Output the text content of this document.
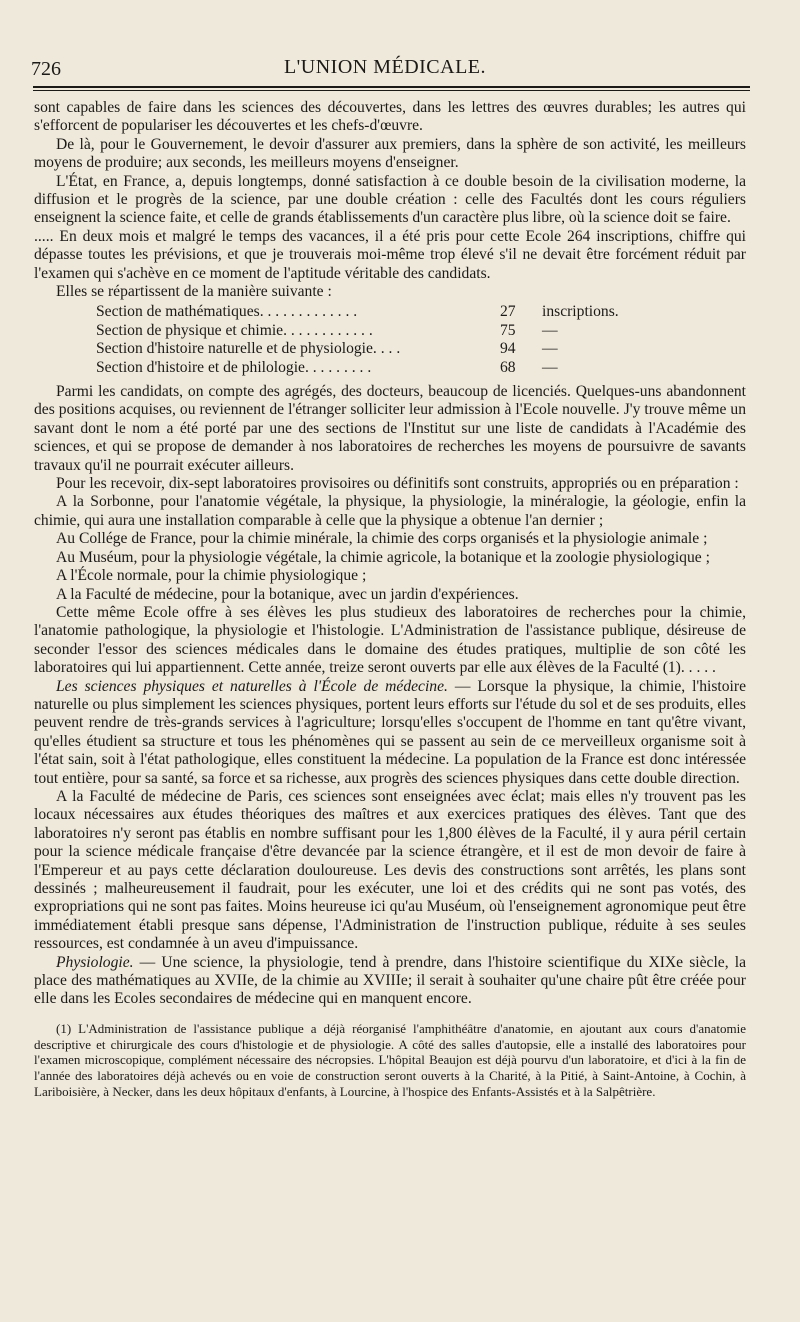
726	L'UNION MÉDICALE.

sont capables de faire dans les sciences des découvertes, dans les lettres des œuvres durables; les autres qui s'efforcent de populariser les découvertes et les chefs-d'œuvre.

De là, pour le Gouvernement, le devoir d'assurer aux premiers, dans la sphère de son activité, les meilleurs moyens de produire; aux seconds, les meilleurs moyens d'enseigner.

L'État, en France, a, depuis longtemps, donné satisfaction à ce double besoin de la civilisation moderne, la diffusion et le progrès de la science, par une double création : celle des Facultés dont les cours réguliers enseignent la science faite, et celle de grands établissements d'un caractère plus libre, où la science doit se faire.

..... En deux mois et malgré le temps des vacances, il a été pris pour cette Ecole 264 inscriptions, chiffre qui dépasse toutes les prévisions, et que je trouverais moi-même trop élevé s'il ne devait être forcément réduit par l'examen qui s'achève en ce moment de l'aptitude véritable des candidats.

Elles se répartissent de la manière suivante :

Section de mathématiques. . . . . . . . . . . . .	27	inscriptions.
Section de physique et chimie. . . . . . . . . . . .	75	—
Section d'histoire naturelle et de physiologie. . . .	94	—
Section d'histoire et de philologie. . . . . . . . .	68	—

Parmi les candidats, on compte des agrégés, des docteurs, beaucoup de licenciés. Quelques-uns abandonnent des positions acquises, ou reviennent de l'étranger solliciter leur admission à l'Ecole nouvelle. J'y trouve même un savant dont le nom a été porté par une des sections de l'Institut sur une liste de candidats à l'Académie des sciences, et qui se propose de demander à nos laboratoires de recherches les moyens de poursuivre de savants travaux qu'il ne pourrait exécuter ailleurs.

Pour les recevoir, dix-sept laboratoires provisoires ou définitifs sont construits, appropriés ou en préparation :

A la Sorbonne, pour l'anatomie végétale, la physique, la physiologie, la minéralogie, la géologie, enfin la chimie, qui aura une installation comparable à celle que la physique a obtenue l'an dernier ;

Au Collége de France, pour la chimie minérale, la chimie des corps organisés et la physiologie animale ;

Au Muséum, pour la physiologie végétale, la chimie agricole, la botanique et la zoologie physiologique ;

A l'École normale, pour la chimie physiologique ;

A la Faculté de médecine, pour la botanique, avec un jardin d'expériences.

Cette même Ecole offre à ses élèves les plus studieux des laboratoires de recherches pour la chimie, l'anatomie pathologique, la physiologie et l'histologie. L'Administration de l'assistance publique, désireuse de seconder l'essor des sciences médicales dans le domaine des études pratiques, multiplie de son côté les laboratoires qui lui appartiennent. Cette année, treize seront ouverts par elle aux élèves de la Faculté (1). . . . .

Les sciences physiques et naturelles à l'École de médecine. — Lorsque la physique, la chimie, l'histoire naturelle ou plus simplement les sciences physiques, portent leurs efforts sur l'étude du sol et de ses produits, elles peuvent rendre de très-grands services à l'agriculture; lorsqu'elles s'occupent de l'homme en tant qu'être vivant, qu'elles étudient sa structure et tous les phénomènes qui se passent au sein de ce merveilleux organisme soit à l'état sain, soit à l'état pathologique, elles constituent la médecine. La population de la France est donc intéressée tout entière, pour sa santé, sa force et sa richesse, aux progrès des sciences physiques dans cette double direction.

A la Faculté de médecine de Paris, ces sciences sont enseignées avec éclat; mais elles n'y trouvent pas les locaux nécessaires aux études théoriques des maîtres et aux exercices pratiques des élèves. Tant que des laboratoires n'y seront pas établis en nombre suffisant pour les 1,800 élèves de la Faculté, il y aura péril certain pour la science médicale française d'être devancée par la science étrangère, et il est de mon devoir de faire à l'Empereur et au pays cette déclaration douloureuse. Les devis des constructions sont arrêtés, les plans sont dessinés ; malheureusement il faudrait, pour les exécuter, une loi et des crédits qui ne sont pas votés, des expropriations qui ne sont pas faites. Moins heureuse ici qu'au Muséum, où l'enseignement agronomique peut être immédiatement établi presque sans dépense, l'Administration de l'instruction publique, réduite à ses seules ressources, est condamnée à un aveu d'impuissance.

Physiologie. — Une science, la physiologie, tend à prendre, dans l'histoire scientifique du XIXe siècle, la place des mathématiques au XVIIe, de la chimie au XVIIIe; il serait à souhaiter qu'une chaire pût être créée pour elle dans les Ecoles secondaires de médecine qui en manquent encore.

(1) L'Administration de l'assistance publique a déjà réorganisé l'amphithéâtre d'anatomie, en ajoutant aux cours d'anatomie descriptive et chirurgicale des cours d'histologie et de physiologie. A côté des salles d'autopsie, elle a installé des laboratoires pour l'examen microscopique, complément nécessaire des nécropsies. L'hôpital Beaujon est déjà pourvu d'un laboratoire, et d'ici à la fin de l'année des laboratoires déjà achevés ou en voie de construction seront ouverts à la Charité, à la Pitié, à Saint-Antoine, à Cochin, à Lariboisière, à Necker, dans les deux hôpitaux d'enfants, à Lourcine, à l'hospice des Enfants-Assistés et à la Salpêtrière.
